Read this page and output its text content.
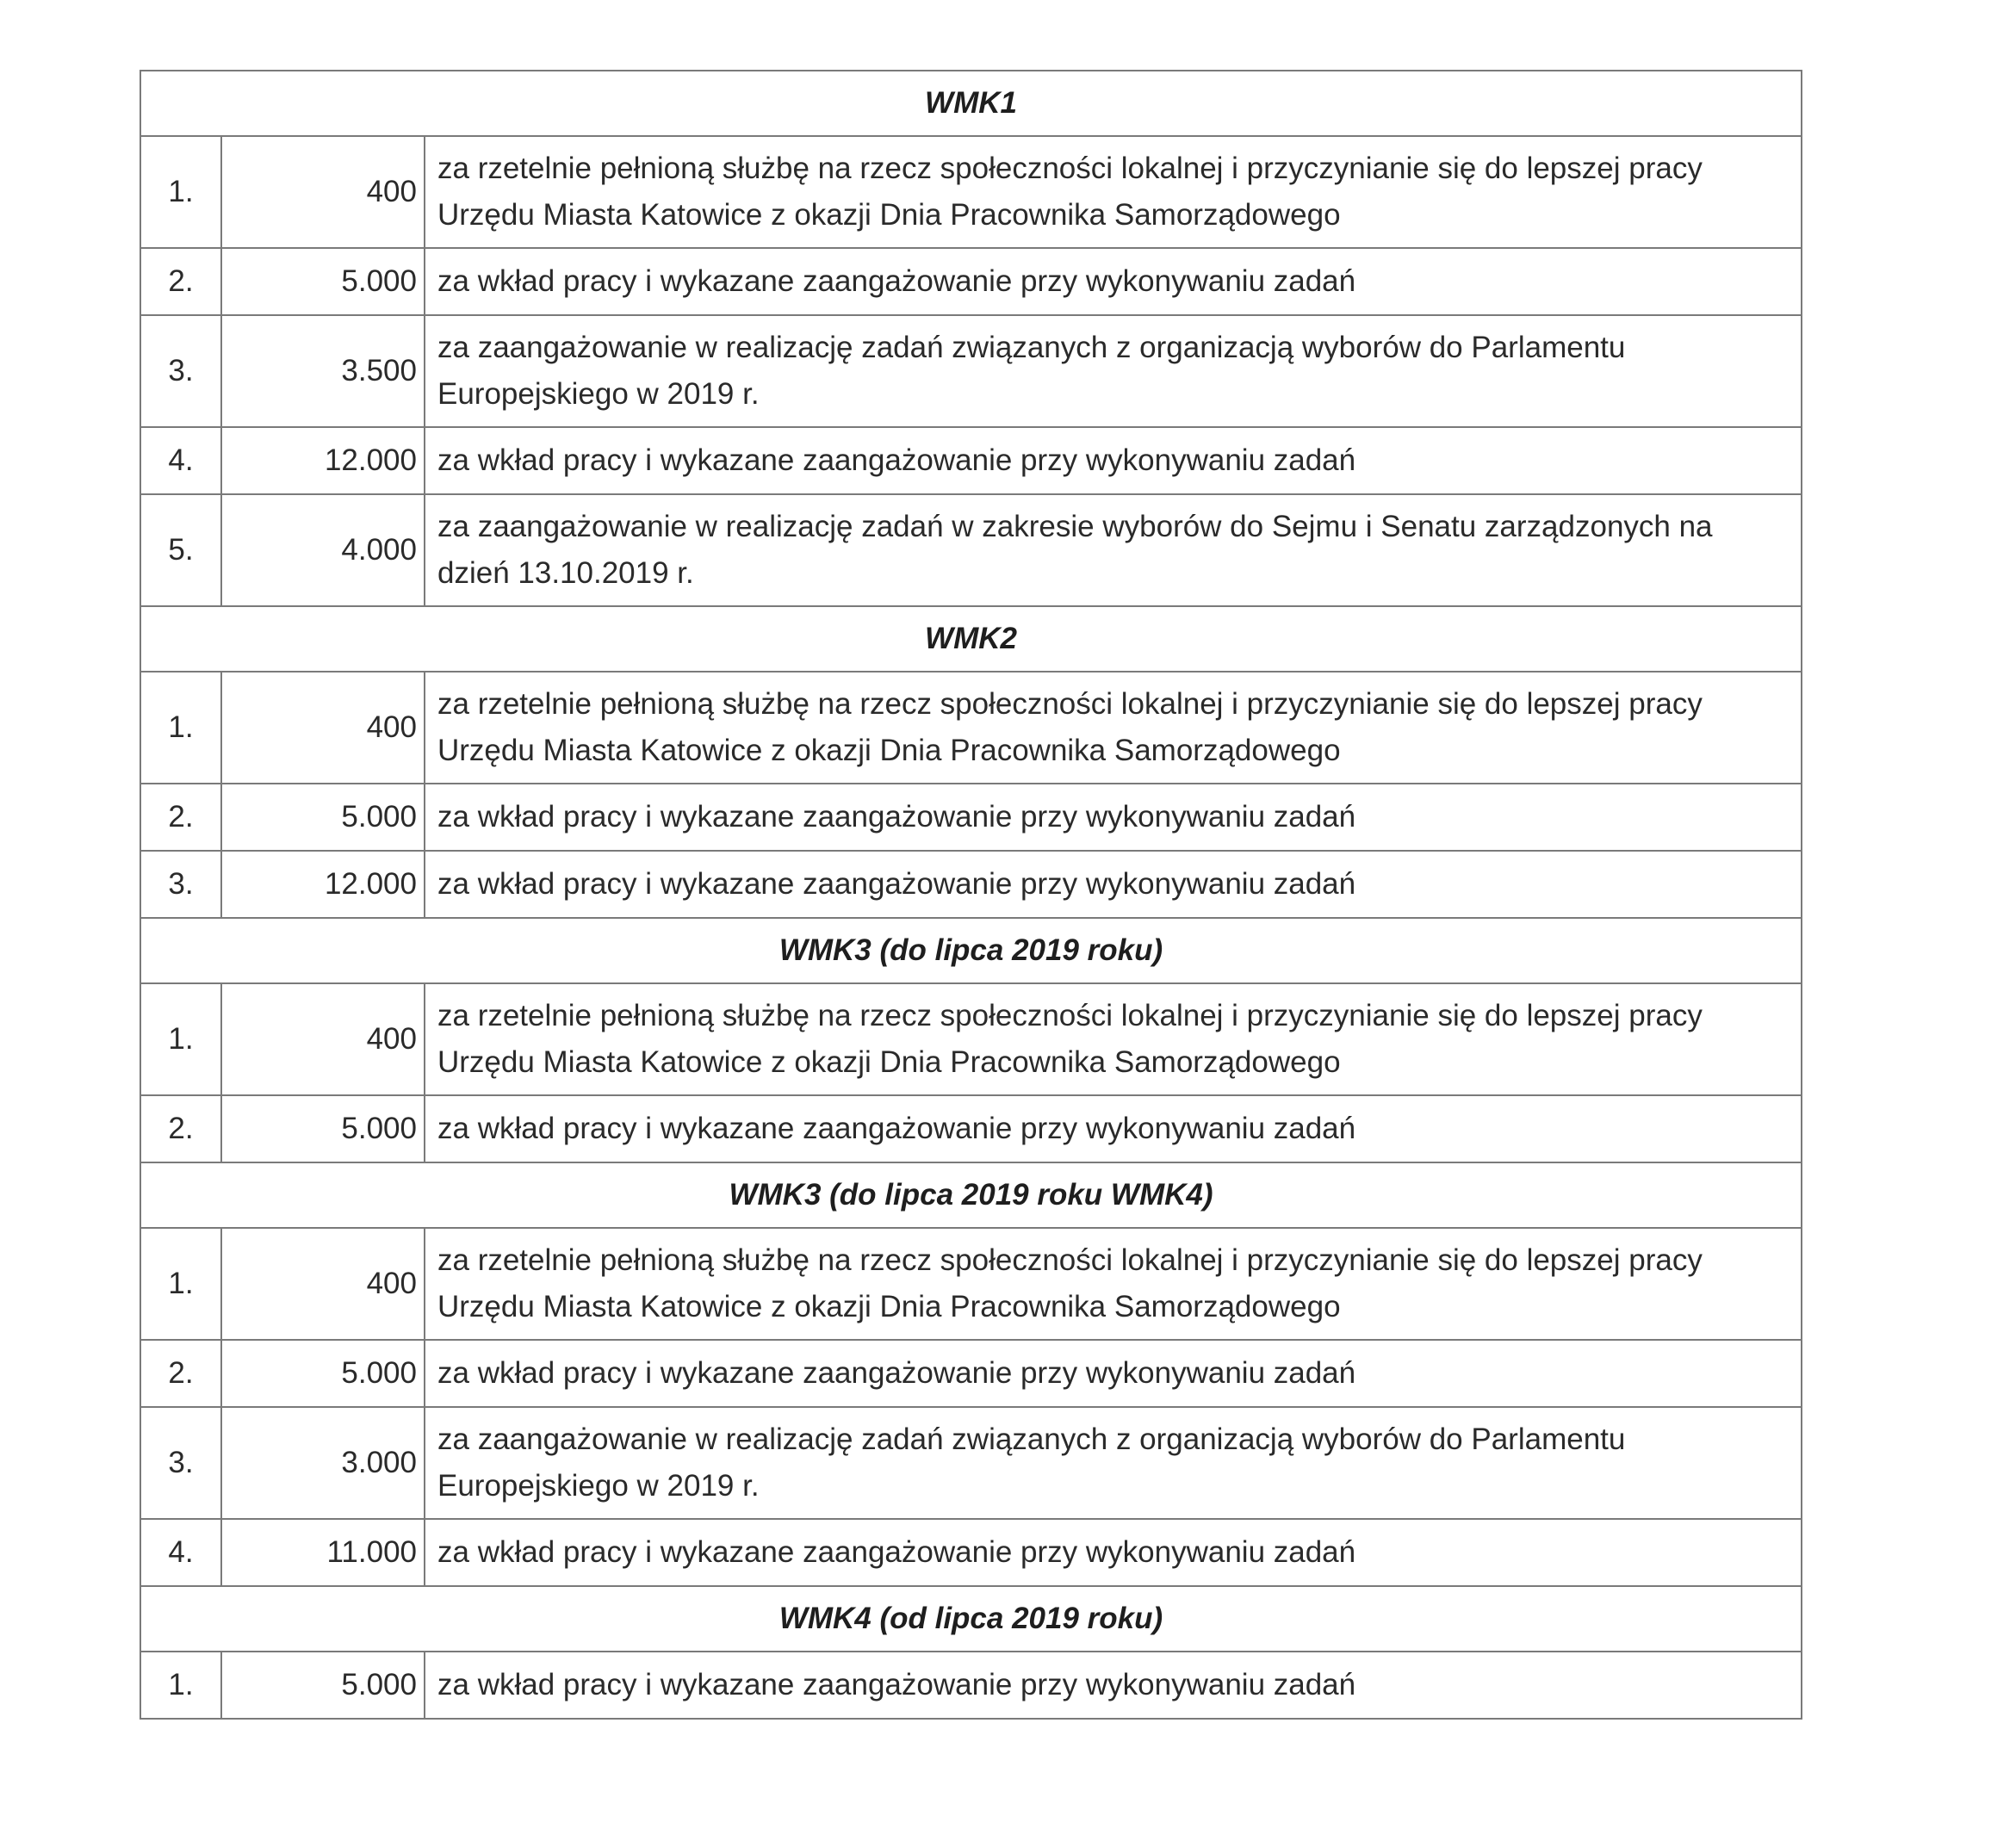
WMK1		
1.	400	za rzetelnie pełnioną służbę na rzecz społeczności lokalnej i przyczynianie się do lepszej pracy Urzędu Miasta Katowice z okazji Dnia Pracownika Samorządowego
2.	5.000	za wkład pracy i wykazane zaangażowanie przy wykonywaniu zadań
3.	3.500	za zaangażowanie w realizację zadań związanych z organizacją wyborów do Parlamentu Europejskiego w 2019 r.
4.	12.000	za wkład pracy i wykazane zaangażowanie przy wykonywaniu zadań
5.	4.000	za zaangażowanie w realizację zadań w zakresie wyborów do Sejmu i Senatu zarządzonych na dzień 13.10.2019 r.
WMK2		
1.	400	za rzetelnie pełnioną służbę na rzecz społeczności lokalnej i przyczynianie się do lepszej pracy Urzędu Miasta Katowice z okazji Dnia Pracownika Samorządowego
2.	5.000	za wkład pracy i wykazane zaangażowanie przy wykonywaniu zadań
3.	12.000	za wkład pracy i wykazane zaangażowanie przy wykonywaniu zadań
WMK3 (do lipca 2019 roku)		
1.	400	za rzetelnie pełnioną służbę na rzecz społeczności lokalnej i przyczynianie się do lepszej pracy Urzędu Miasta Katowice z okazji Dnia Pracownika Samorządowego
2.	5.000	za wkład pracy i wykazane zaangażowanie przy wykonywaniu zadań
WMK3 (do lipca 2019 roku WMK4)		
1.	400	za rzetelnie pełnioną służbę na rzecz społeczności lokalnej i przyczynianie się do lepszej pracy Urzędu Miasta Katowice z okazji Dnia Pracownika Samorządowego
2.	5.000	za wkład pracy i wykazane zaangażowanie przy wykonywaniu zadań
3.	3.000	za zaangażowanie w realizację zadań związanych z organizacją wyborów do Parlamentu Europejskiego w 2019 r.
4.	11.000	za wkład pracy i wykazane zaangażowanie przy wykonywaniu zadań
WMK4 (od lipca 2019 roku)		
1.	5.000	za wkład pracy i wykazane zaangażowanie przy wykonywaniu zadań
